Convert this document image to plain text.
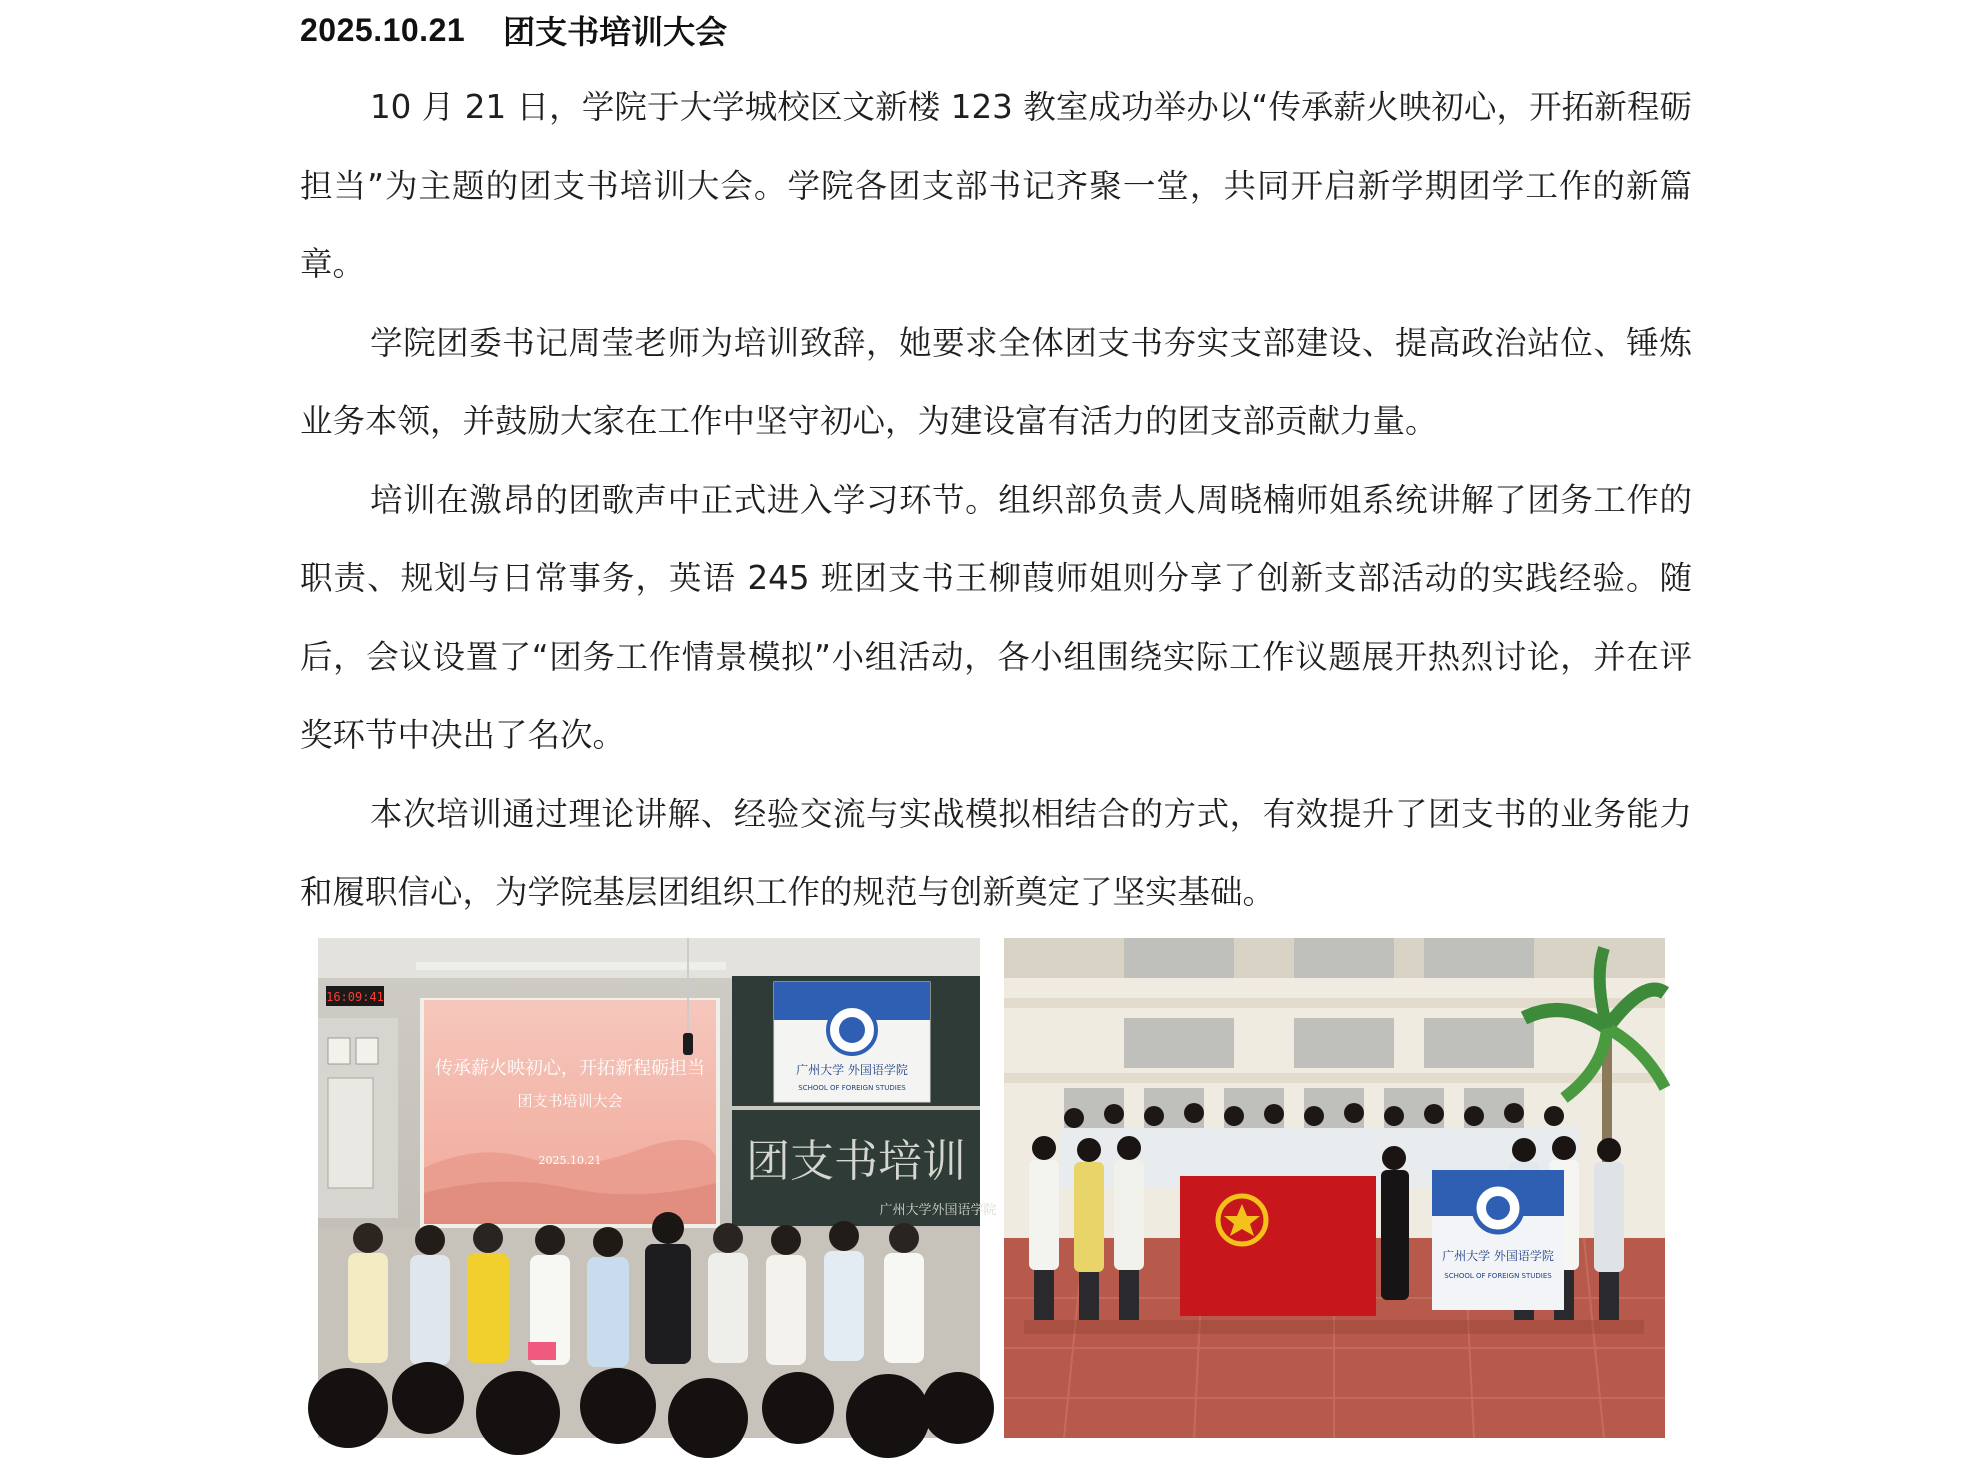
2025.10.21 团支书培训大会

10 月 21 日，学院于大学城校区文新楼 123 教室成功举办以“传承薪火映初心，开拓新程砺担当”为主题的团支书培训大会。学院各团支部书记齐聚一堂，共同开启新学期团学工作的新篇章。

学院团委书记周莹老师为培训致辞，她要求全体团支书夯实支部建设、提高政治站位、锤炼业务本领，并鼓励大家在工作中坚守初心，为建设富有活力的团支部贡献力量。

培训在激昂的团歌声中正式进入学习环节。组织部负责人周晓楠师姐系统讲解了团务工作的职责、规划与日常事务，英语 245 班团支书王柳葭师姐则分享了创新支部活动的实践经验。随后，会议设置了“团务工作情景模拟”小组活动，各小组围绕实际工作议题展开热烈讨论，并在评奖环节中决出了名次。

本次培训通过理论讲解、经验交流与实战模拟相结合的方式，有效提升了团支书的业务能力和履职信心，为学院基层团组织工作的规范与创新奠定了坚实基础。

16:09:41
传承薪火映初心，开拓新程砺担当
团支书培训大会
2025.10.21
广州大学 外国语学院
SCHOOL OF FOREIGN STUDIES
团支书培训
广州大学外国语学院
广州大学 外国语学院
SCHOOL OF FOREIGN STUDIES
